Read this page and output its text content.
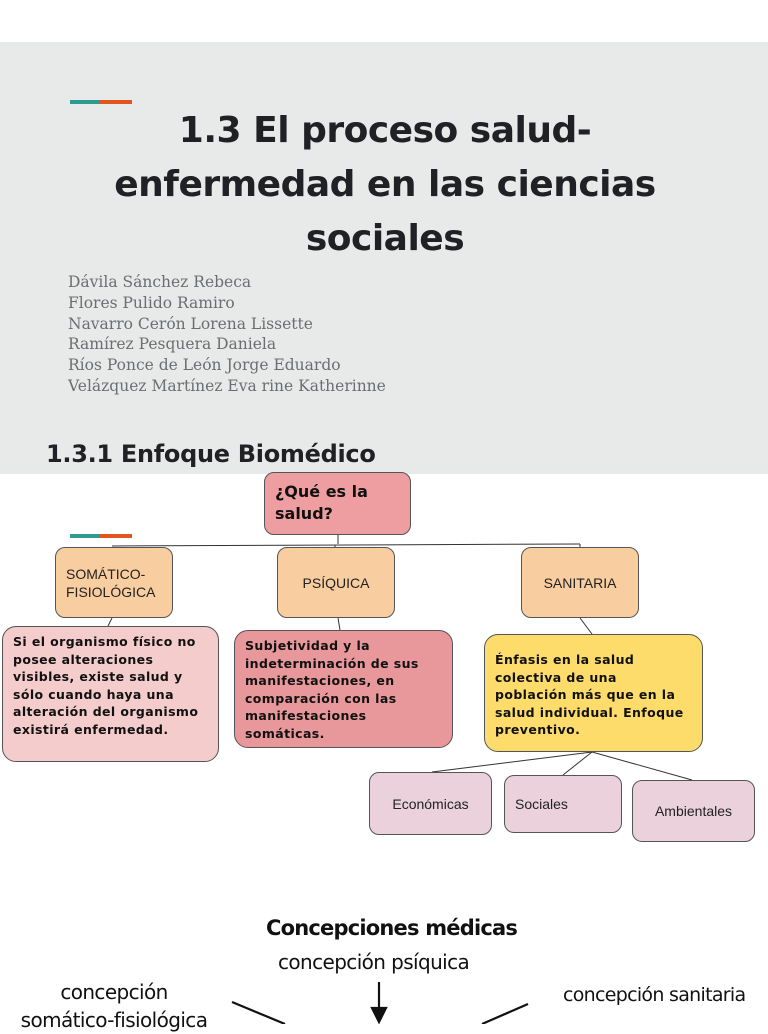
1.3 El proceso salud-
enfermedad en las ciencias
sociales
Dávila Sánchez Rebeca
Flores Pulido Ramiro
Navarro Cerón Lorena Lissette
Ramírez Pesquera Daniela
Ríos Ponce de León Jorge Eduardo
Velázquez Martínez Eva rine Katherinne
1.3.1 Enfoque Biomédico
¿Qué es la salud?
SOMÁTICO-FISIOLÓGICA
PSÍQUICA	SANITARIA
Si el organismo físico no posee alteraciones visibles, existe salud y sólo cuando haya una alteración del organismo existirá enfermedad.
Subjetividad y la indeterminación de sus manifestaciones, en comparación con las manifestaciones somáticas.
Énfasis en la salud colectiva de una población más que en la salud individual. Enfoque preventivo.
Económicas	Sociales	Ambientales
Concepciones médicas
concepción psíquica
concepción
somático-fisiológica
concepción sanitaria
